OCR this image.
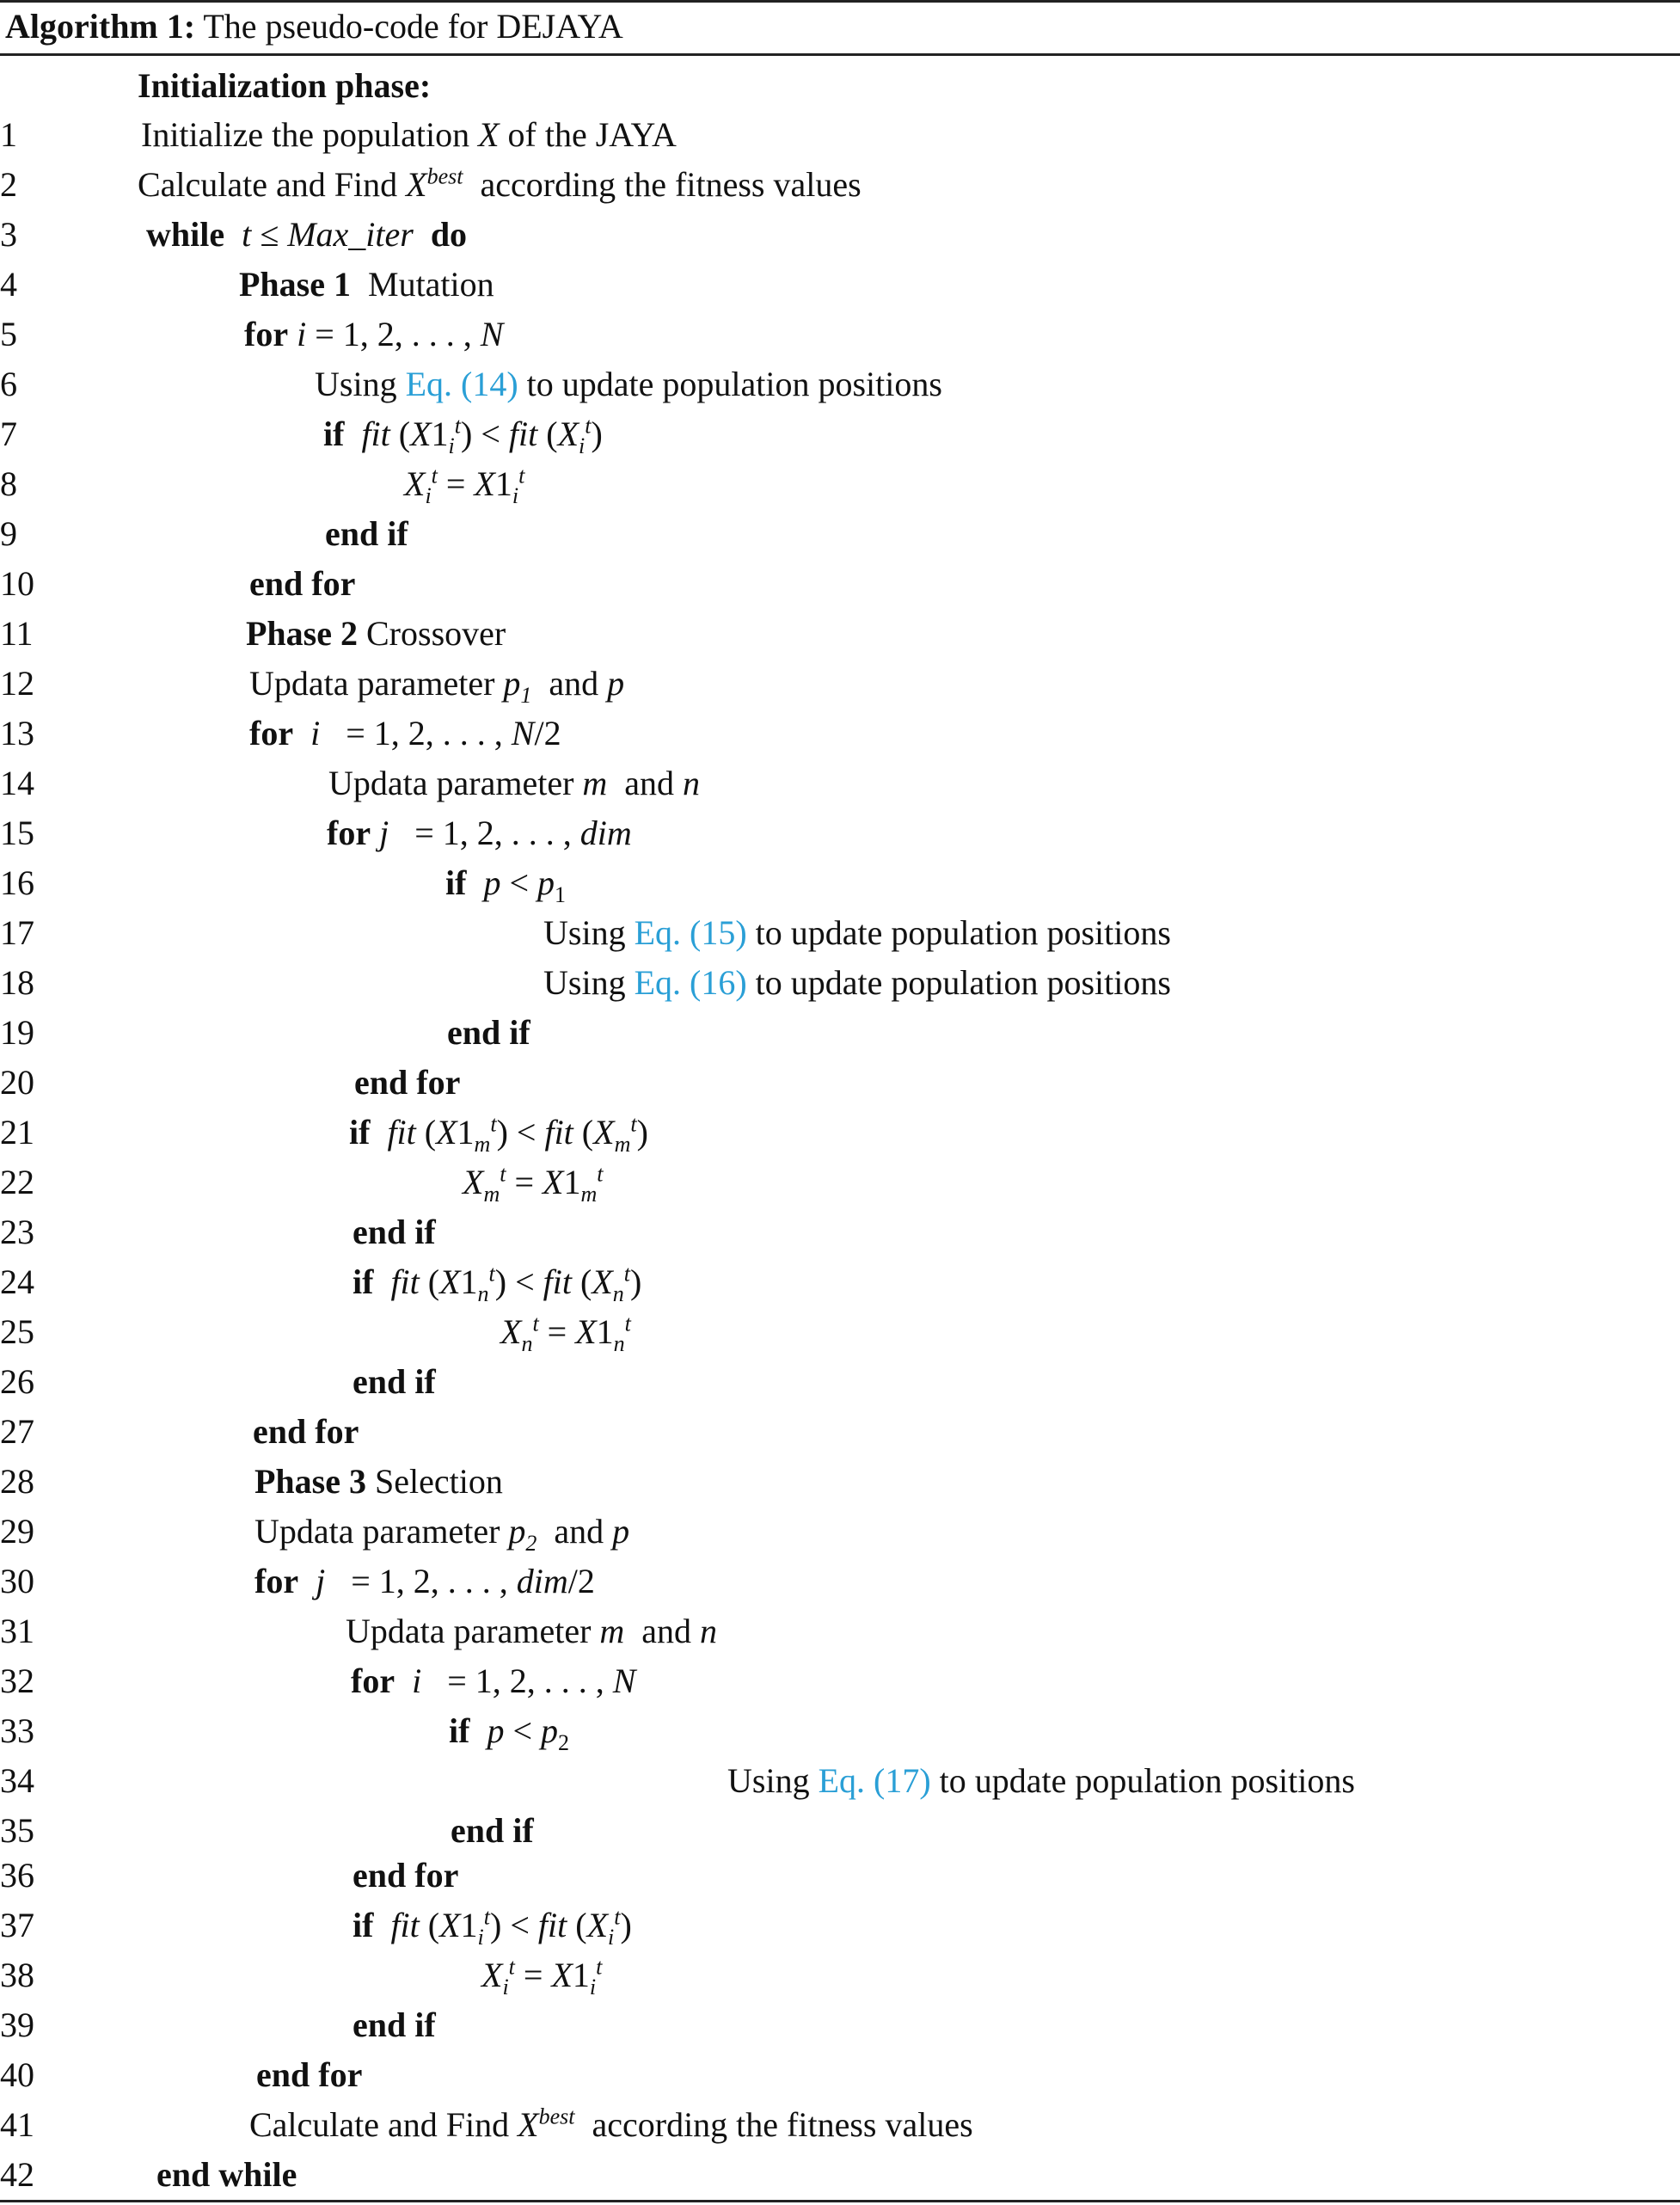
Algorithm 1: The pseudo-code for DEJAYA
Initialization phase:
1	Initialize the population X of the JAYA
2	Calculate and Find $X^{best}$ according the fitness values
3	while t ≤ Max_iter do
4	Phase 1 Mutation
5	for i = 1, 2, . . . , N
6	Using Eq. (14) to update population positions
7	if fit $(X1_i^t)$ < fit $(X_i^t)$
8	$X_i^t = X1_i^t$
9	end if
10	end for
11	Phase 2 Crossover
12	Updata parameter $p_1$ and p
13	for i   = 1, 2, . . . , N/2
14	Updata parameter m and n
15	for j   = 1, 2, . . . , dim
16	if $p < p_1$
17	Using Eq. (15) to update population positions
18	Using Eq. (16) to update population positions
19	end if
20	end for
21	if fit $(X1_m^t)$ < fit $(X_m^t)$
22	$X_m^t = X1_m^t$
23	end if
24	if fit $(X1_n^t)$ < fit $(X_n^t)$
25	$X_n^t = X1_n^t$
26	end if
27	end for
28	Phase 3 Selection
29	Updata parameter $p_2$ and p
30	for j   = 1, 2, . . . , dim/2
31	Updata parameter m and n
32	for i   = 1, 2, . . . , N
33	if $p < p_2$
34	Using Eq. (17) to update population positions
35	end if
36	end for
37	if fit $(X1_i^t)$ < fit $(X_i^t)$
38	$X_i^t = X1_i^t$
39	end if
40	end for
41	Calculate and Find $X^{best}$ according the fitness values
42	end while
